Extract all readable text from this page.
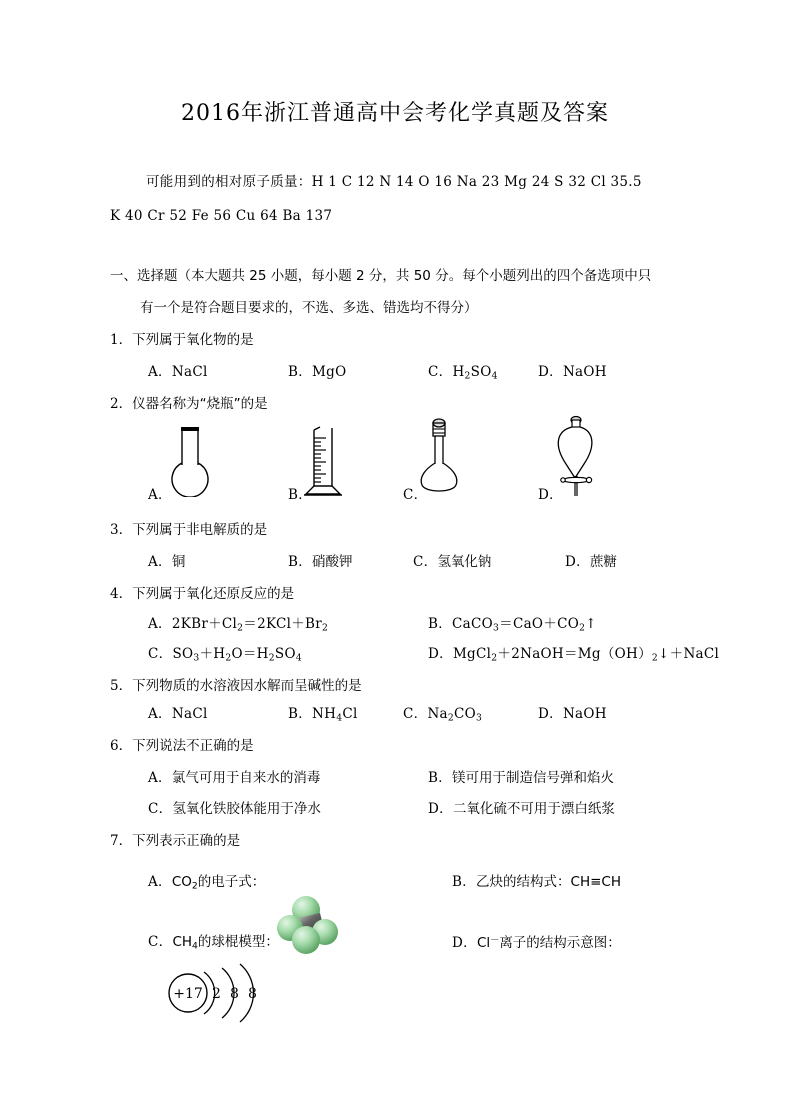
2016年浙江普通高中会考化学真题及答案
可能用到的相对原子质量：H 1 C 12 N 14 O 16 Na 23 Mg 24 S 32 Cl 35.5
K 40 Cr 52 Fe 56 Cu 64 Ba 137
一、选择题（本大题共 25 小题，每小题 2 分，共 50 分。每个小题列出的四个备选项中只
有一个是符合题目要求的，不选、多选、错选均不得分）
1．下列属于氧化物的是
A．NaCl	B．MgO	C．$H_2SO_4$	D．NaOH
2．仪器名称为“烧瓶”的是
A．	B．	C．	D．
3．下列属于非电解质的是
A．铜	B．硝酸钾	C．氢氧化钠	D．蔗糖
4．下列属于氧化还原反应的是
A．$2KBr+Cl_2=2KCl+Br_2$	B．$CaCO_3=CaO+CO_2↑$
C．$SO_3+H_2O=H_2SO_4$	D．$MgCl_2+2NaOH=Mg(OH)_2↓+NaCl$
5．下列物质的水溶液因水解而呈碱性的是
A．NaCl	B．$NH_4Cl$	C．$Na_2CO_3$	D．NaOH
6．下列说法不正确的是
A．氯气可用于自来水的消毒	B．镁可用于制造信号弹和焰火
C．氢氧化铁胶体能用于净水	D．二氧化硫不可用于漂白纸浆
7．下列表示正确的是
A．$CO_2$的电子式：	B．乙炔的结构式：CH≡CH
C．$CH_4$的球棍模型：	D．Cl－离子的结构示意图：
+17 2 8 8
